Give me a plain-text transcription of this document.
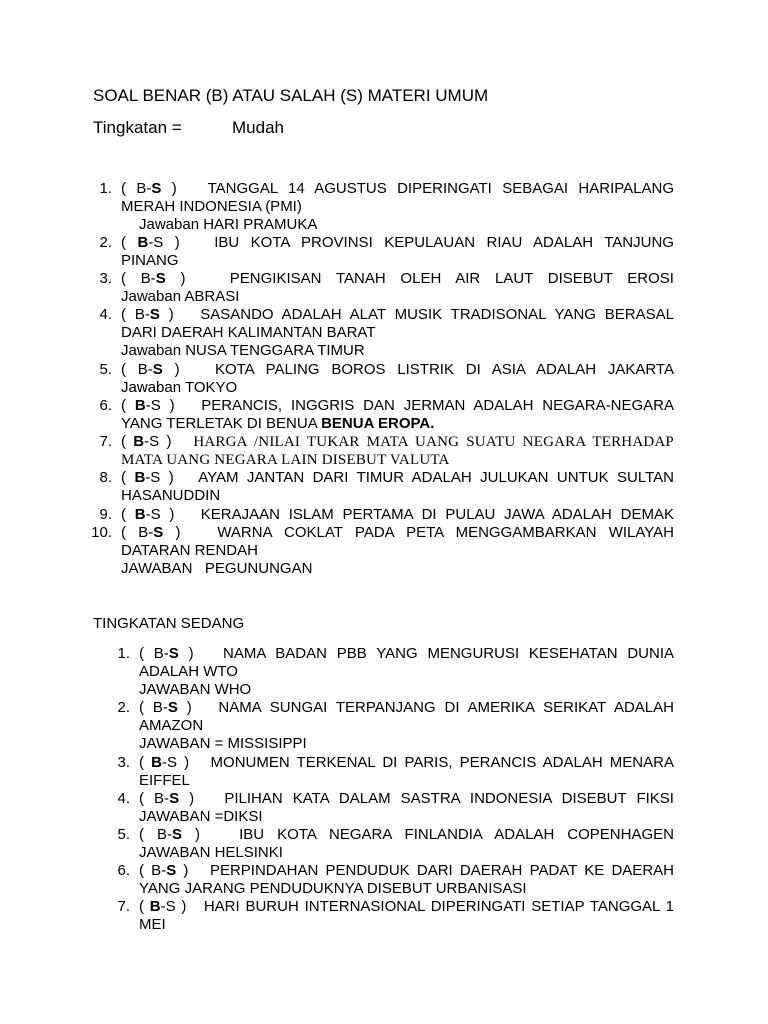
SOAL BENAR (B) ATAU SALAH (S) MATERI UMUM
Tingkatan =	Mudah
1. ( B-S ) TANGGAL 14 AGUSTUS DIPERINGATI SEBAGAI HARIPALANG
MERAH INDONESIA (PMI)
Jawaban HARI PRAMUKA
2. ( B-S ) IBU KOTA PROVINSI KEPULAUAN RIAU ADALAH TANJUNG
PINANG
3. ( B-S )	PENGIKISAN TANAH OLEH AIR LAUT DISEBUT EROSI
Jawaban ABRASI
4. ( B-S ) SASANDO ADALAH ALAT MUSIK TRADISONAL YANG BERASAL
DARI DAERAH KALIMANTAN BARAT
Jawaban NUSA TENGGARA TIMUR
5. ( B-S ) KOTA PALING BOROS LISTRIK DI ASIA ADALAH JAKARTA
Jawaban TOKYO
6. ( B-S ) PERANCIS, INGGRIS DAN JERMAN ADALAH NEGARA-NEGARA
YANG TERLETAK DI BENUA BENUA EROPA.
7. ( B-S ) HARGA /NILAI TUKAR MATA UANG SUATU NEGARA TERHADAP
MATA UANG NEGARA LAIN DISEBUT VALUTA
8. ( B-S ) AYAM JANTAN DARI TIMUR ADALAH JULUKAN UNTUK SULTAN
HASANUDDIN
9. ( B-S ) KERAJAAN ISLAM PERTAMA DI PULAU JAWA ADALAH DEMAK
10. ( B-S ) WARNA COKLAT PADA PETA MENGGAMBARKAN WILAYAH
DATARAN RENDAH
JAWABAN   PEGUNUNGAN
TINGKATAN SEDANG
1. ( B-S ) NAMA BADAN PBB YANG MENGURUSI KESEHATAN DUNIA
ADALAH WTO
JAWABAN WHO
2. ( B-S ) NAMA SUNGAI TERPANJANG DI AMERIKA SERIKAT ADALAH
AMAZON
JAWABAN = MISSISIPPI
3. ( B-S ) MONUMEN TERKENAL DI PARIS, PERANCIS ADALAH MENARA
EIFFEL
4. ( B-S ) PILIHAN KATA DALAM SASTRA INDONESIA DISEBUT FIKSI
JAWABAN =DIKSI
5. ( B-S )	IBU KOTA NEGARA FINLANDIA ADALAH COPENHAGEN
JAWABAN HELSINKI
6. ( B-S ) PERPINDAHAN PENDUDUK DARI DAERAH PADAT KE DAERAH
YANG JARANG PENDUDUKNYA DISEBUT URBANISASI
7. ( B-S ) HARI BURUH INTERNASIONAL DIPERINGATI SETIAP TANGGAL 1
MEI
